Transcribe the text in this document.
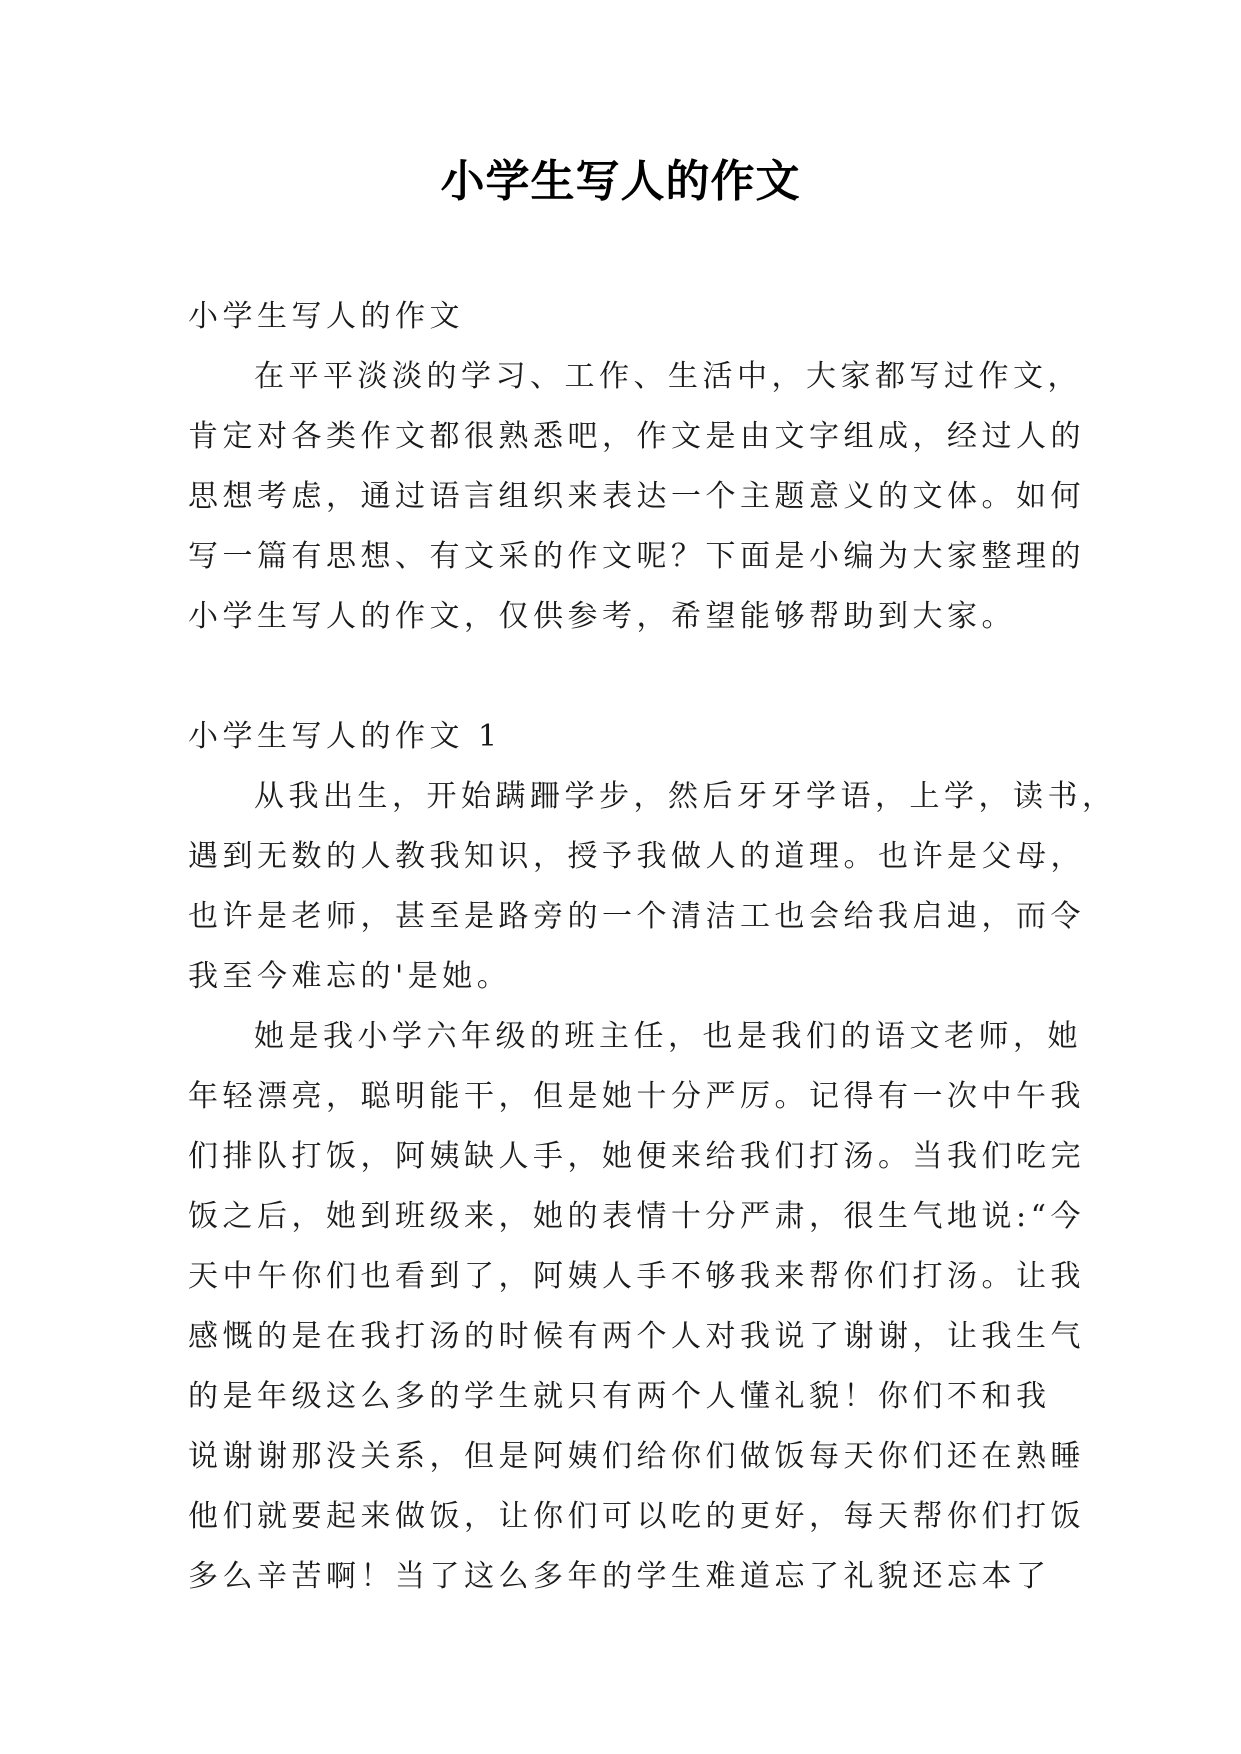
小学生写人的作文
小学生写人的作文
在平平淡淡的学习、工作、生活中，大家都写过作文，
肯定对各类作文都很熟悉吧，作文是由文字组成，经过人的
思想考虑，通过语言组织来表达一个主题意义的文体。如何
写一篇有思想、有文采的作文呢？下面是小编为大家整理的
小学生写人的作文，仅供参考，希望能够帮助到大家。
小学生写人的作文 1
从我出生，开始蹒跚学步，然后牙牙学语，上学，读书，
遇到无数的人教我知识，授予我做人的道理。也许是父母，
也许是老师，甚至是路旁的一个清洁工也会给我启迪，而令
我至今难忘的'是她。
她是我小学六年级的班主任，也是我们的语文老师，她
年轻漂亮，聪明能干，但是她十分严厉。记得有一次中午我
们排队打饭，阿姨缺人手，她便来给我们打汤。当我们吃完
饭之后，她到班级来，她的表情十分严肃，很生气地说:“今
天中午你们也看到了，阿姨人手不够我来帮你们打汤。让我
感慨的是在我打汤的时候有两个人对我说了谢谢，让我生气
的是年级这么多的学生就只有两个人懂礼貌！你们不和我
说谢谢那没关系，但是阿姨们给你们做饭每天你们还在熟睡
他们就要起来做饭，让你们可以吃的更好，每天帮你们打饭
多么辛苦啊！当了这么多年的学生难道忘了礼貌还忘本了
